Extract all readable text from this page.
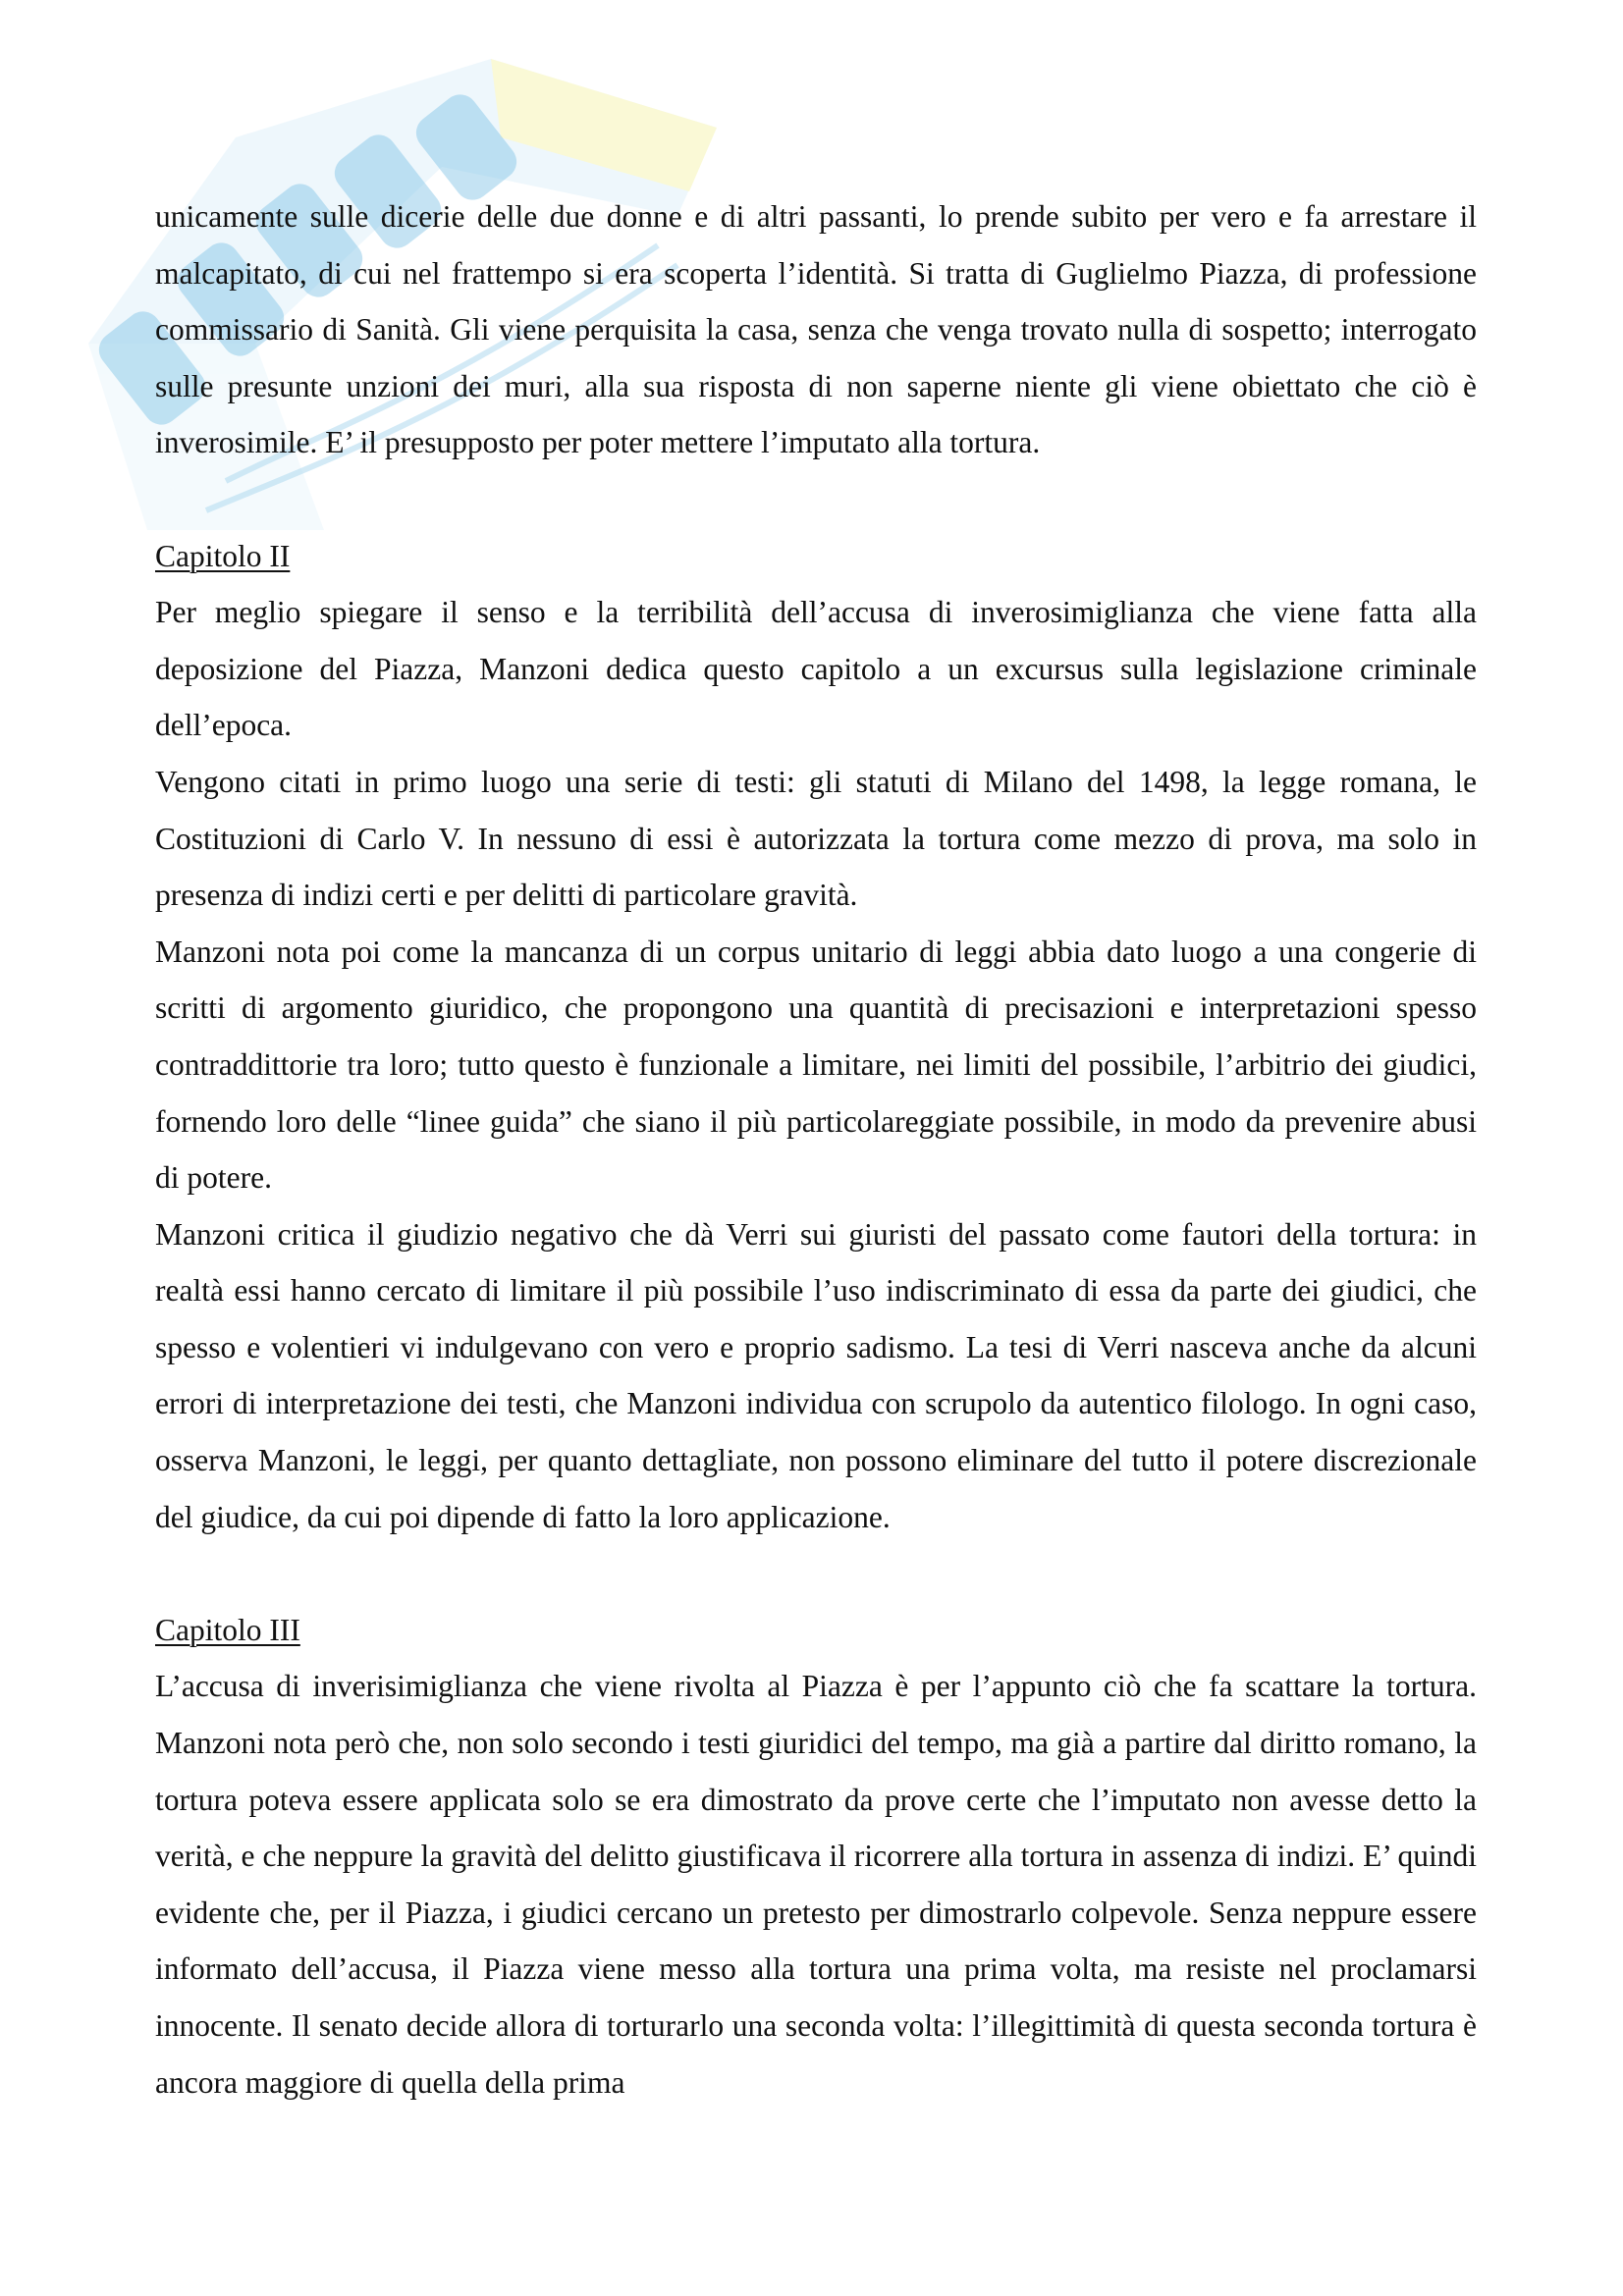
unicamente sulle dicerie delle due donne e di altri passanti, lo prende subito per vero e fa arrestare il malcapitato, di cui nel frattempo si era scoperta l’identità. Si tratta di Guglielmo Piazza, di professione commissario di Sanità. Gli viene perquisita la casa, senza che venga trovato nulla di sospetto; interrogato sulle presunte unzioni dei muri, alla sua risposta di non saperne niente gli viene obiettato che ciò è inverosimile. E’ il presupposto per poter mettere l’imputato alla tortura.

Capitolo II

Per meglio spiegare il senso e la terribilità dell’accusa di inverosimiglianza che viene fatta alla deposizione del Piazza, Manzoni dedica questo capitolo a un excursus sulla legislazione criminale dell’epoca.

Vengono citati in primo luogo una serie di testi: gli statuti di Milano del 1498, la legge romana, le Costituzioni di Carlo V. In nessuno di essi è autorizzata la tortura come mezzo di prova, ma solo in presenza di indizi certi e per delitti di particolare gravità.

Manzoni nota poi come la mancanza di un corpus unitario di leggi abbia dato luogo a una congerie di scritti di argomento giuridico, che propongono una quantità di precisazioni e interpretazioni spesso contraddittorie tra loro; tutto questo è funzionale a limitare, nei limiti del possibile, l’arbitrio dei giudici, fornendo loro delle “linee guida” che siano il più particolareggiate possibile, in modo da prevenire abusi di potere.

Manzoni critica il giudizio negativo che dà Verri sui giuristi del passato come fautori della tortura: in realtà essi hanno cercato di limitare il più possibile l’uso indiscriminato di essa da parte dei giudici, che spesso e volentieri vi indulgevano con vero e proprio sadismo. La tesi di Verri nasceva anche da alcuni errori di interpretazione dei testi, che Manzoni individua con scrupolo da autentico filologo. In ogni caso, osserva Manzoni, le leggi, per quanto dettagliate, non possono eliminare del tutto il potere discrezionale del giudice, da cui poi dipende di fatto la loro applicazione.

Capitolo III

L’accusa di inverisimiglianza che viene rivolta al Piazza è per l’appunto ciò che fa scattare la tortura. Manzoni nota però che, non solo secondo i testi giuridici del tempo, ma già a partire dal diritto romano, la tortura poteva essere applicata solo se era dimostrato da prove certe che l’imputato non avesse detto la verità, e che neppure la gravità del delitto giustificava il ricorrere alla tortura in assenza di indizi. E’ quindi evidente che, per il Piazza, i giudici cercano un pretesto per dimostrarlo colpevole. Senza neppure essere informato dell’accusa, il Piazza viene messo alla tortura una prima volta, ma resiste nel proclamarsi innocente. Il senato decide allora di torturarlo una seconda volta: l’illegittimità di questa seconda tortura è ancora maggiore di quella della prima
